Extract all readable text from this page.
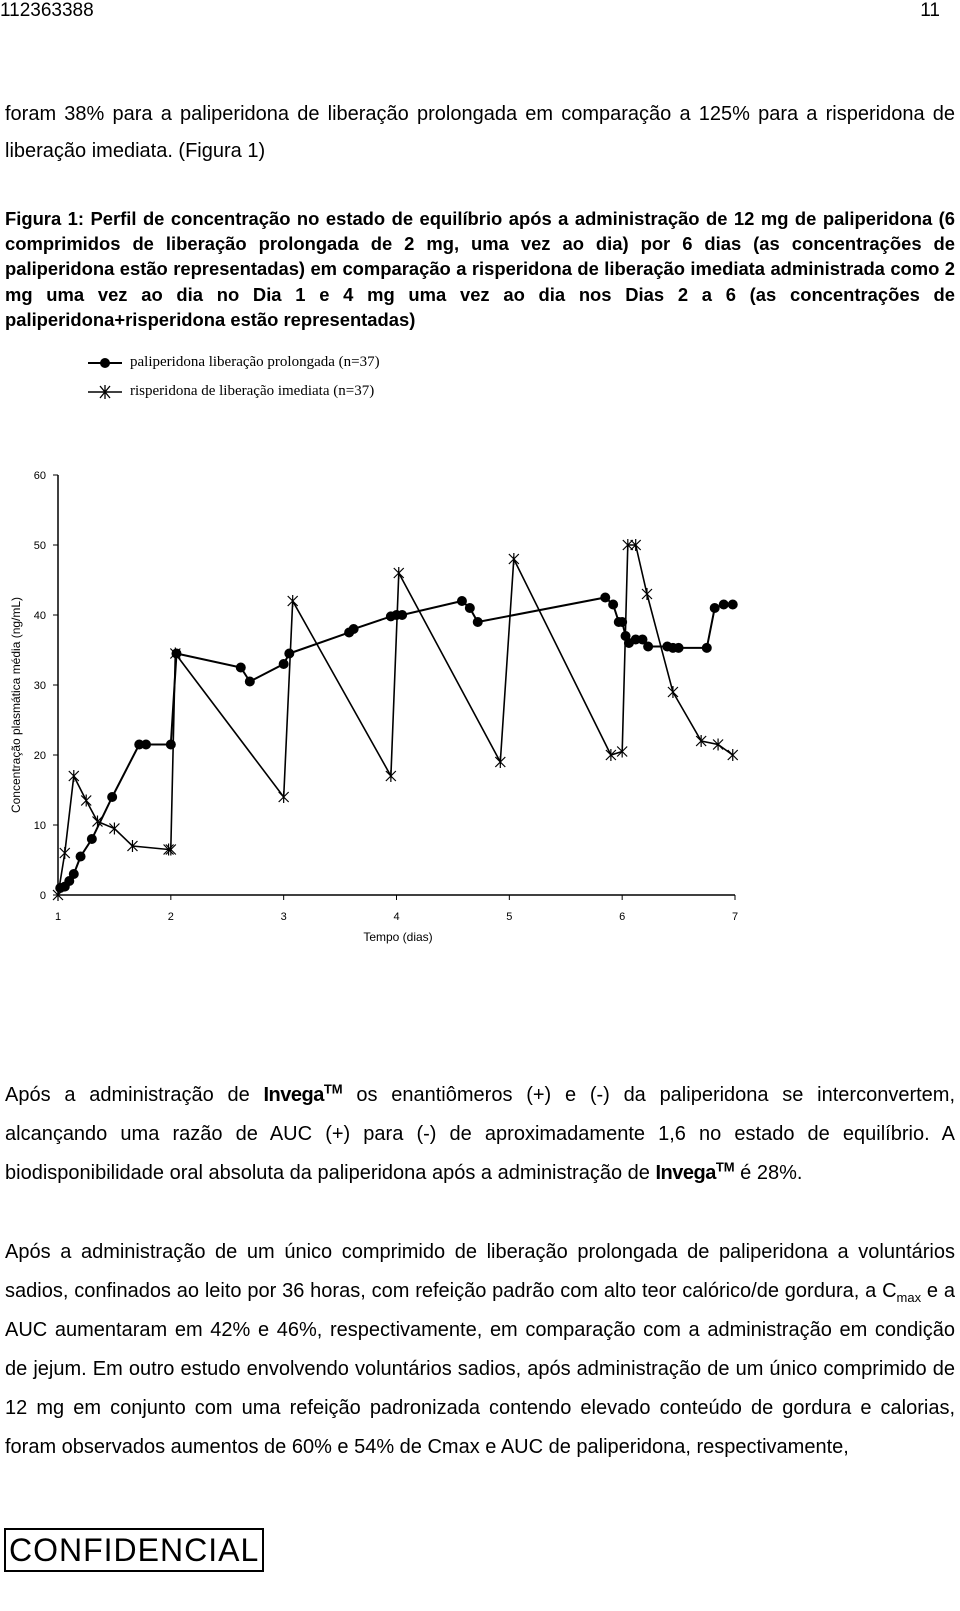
112363388	11

foram 38% para a paliperidona de liberação prolongada em comparação a 125% para a risperidona de liberação imediata. (Figura 1)

Figura 1: Perfil de concentração no estado de equilíbrio após a administração de 12 mg de paliperidona (6 comprimidos de liberação prolongada de 2 mg, uma vez ao dia) por 6 dias (as concentrações de paliperidona estão representadas) em comparação a risperidona de liberação imediata administrada como 2 mg uma vez ao dia no Dia 1 e 4 mg uma vez ao dia nos Dias 2 a 6 (as concentrações de paliperidona+risperidona estão representadas)

paliperidona liberação prolongada (n=37)
risperidona de liberação imediata (n=37)
1	2	3	4	5	6	7
0
10
20
30
40
50
60
Tempo (dias)
Concentração plasmática média (ng/mL)

Após a administração de Invega™ os enantiômeros (+) e (-) da paliperidona se interconvertem, alcançando uma razão de AUC (+) para (-) de aproximadamente 1,6 no estado de equilíbrio. A biodisponibilidade oral absoluta da paliperidona após a administração de Invega™ é 28%.

Após a administração de um único comprimido de liberação prolongada de paliperidona a voluntários sadios, confinados ao leito por 36 horas, com refeição padrão com alto teor calórico/de gordura, a $C_{max}$ e a AUC aumentaram em 42% e 46%, respectivamente, em comparação com a administração em condição de jejum. Em outro estudo envolvendo voluntários sadios, após administração de um único comprimido de 12 mg em conjunto com uma refeição padronizada contendo elevado conteúdo de gordura e calorias, foram observados aumentos de 60% e 54% de Cmax e AUC de paliperidona, respectivamente,

CONFIDENCIAL
